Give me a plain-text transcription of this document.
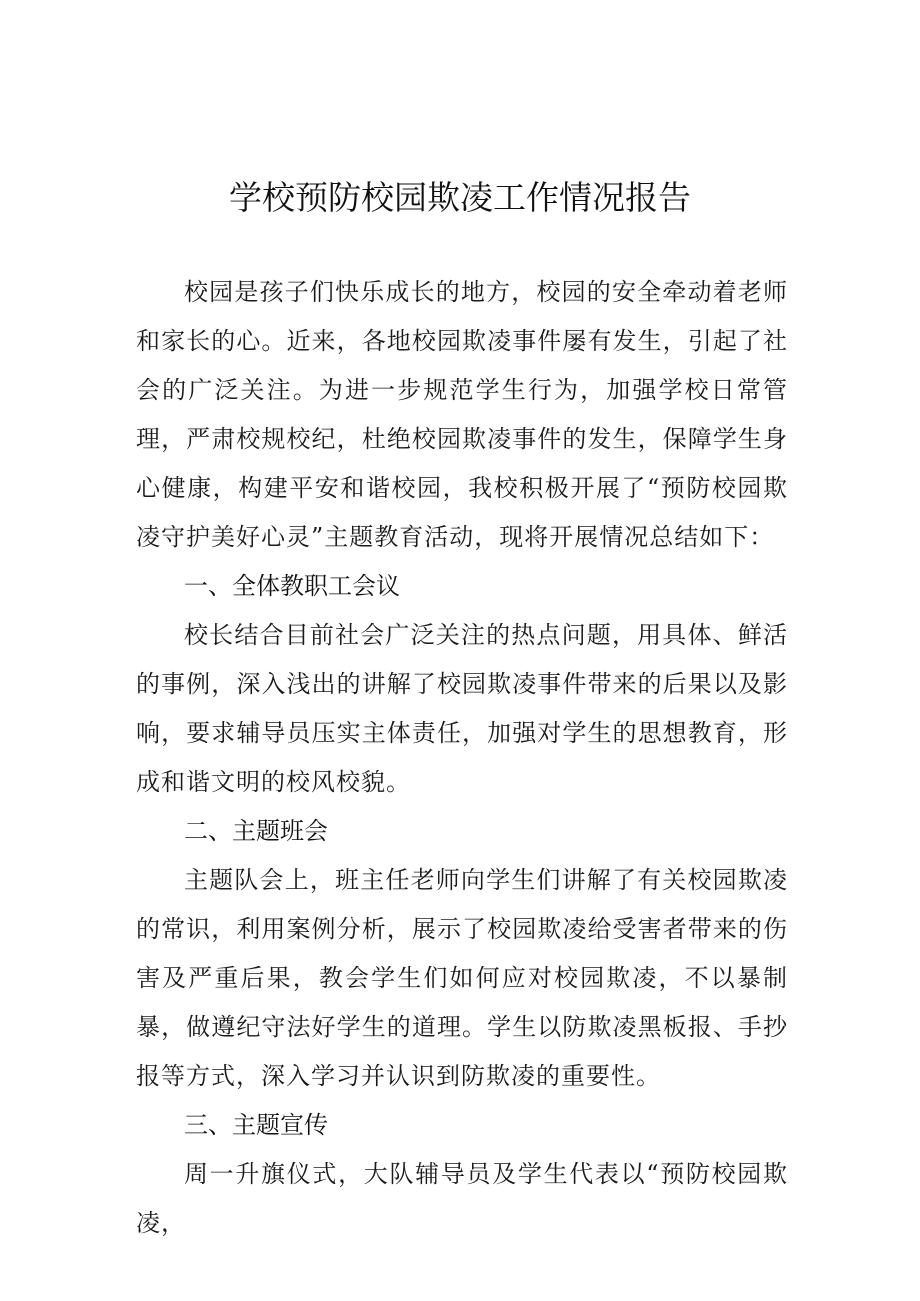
学校预防校园欺凌工作情况报告

校园是孩子们快乐成长的地方，校园的安全牵动着老师和家长的心。近来，各地校园欺凌事件屡有发生，引起了社会的广泛关注。为进一步规范学生行为，加强学校日常管理，严肃校规校纪，杜绝校园欺凌事件的发生，保障学生身心健康，构建平安和谐校园，我校积极开展了“预防校园欺凌守护美好心灵”主题教育活动，现将开展情况总结如下：

一、全体教职工会议

校长结合目前社会广泛关注的热点问题，用具体、鲜活的事例，深入浅出的讲解了校园欺凌事件带来的后果以及影响，要求辅导员压实主体责任，加强对学生的思想教育，形成和谐文明的校风校貌。

二、主题班会

主题队会上，班主任老师向学生们讲解了有关校园欺凌的常识，利用案例分析，展示了校园欺凌给受害者带来的伤害及严重后果，教会学生们如何应对校园欺凌，不以暴制暴，做遵纪守法好学生的道理。学生以防欺凌黑板报、手抄报等方式，深入学习并认识到防欺凌的重要性。

三、主题宣传

周一升旗仪式，大队辅导员及学生代表以“预防校园欺凌，
